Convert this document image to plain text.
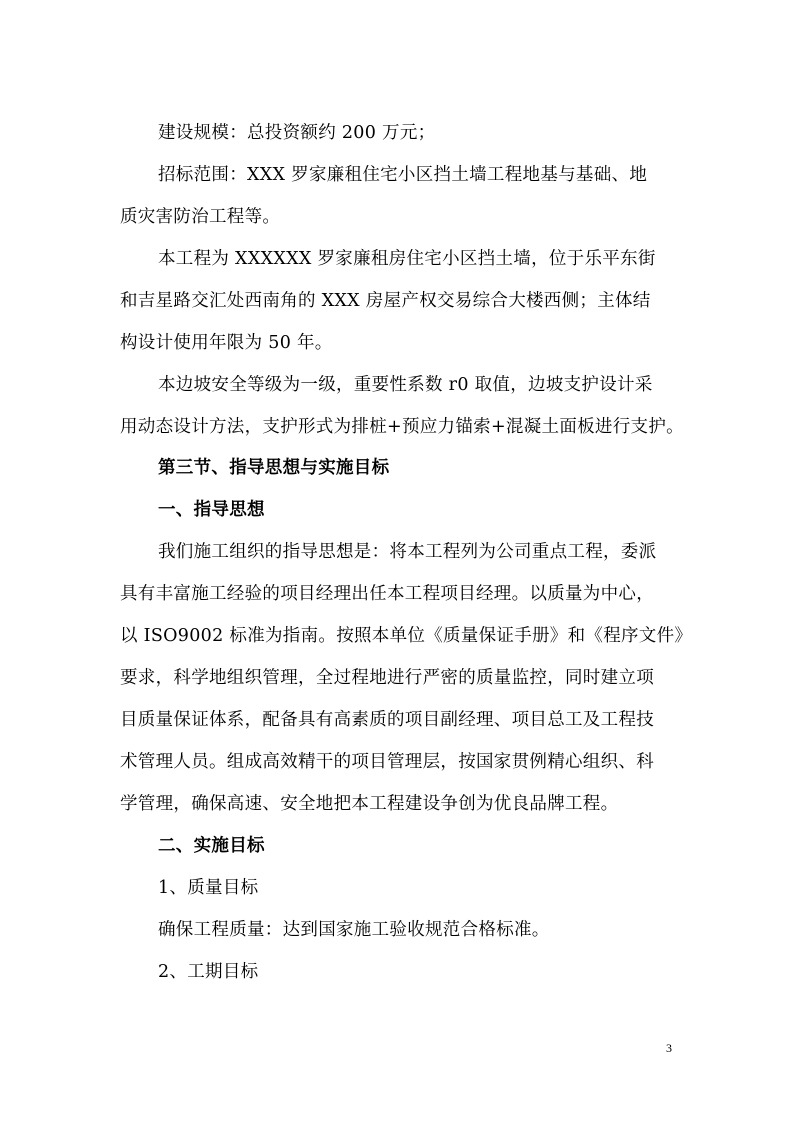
建设规模：总投资额约 200 万元；
招标范围：XXX 罗家廉租住宅小区挡土墙工程地基与基础、地
质灾害防治工程等。
本工程为 XXXXXX 罗家廉租房住宅小区挡土墙，位于乐平东街
和吉星路交汇处西南角的 XXX 房屋产权交易综合大楼西侧；主体结
构设计使用年限为 50 年。
本边坡安全等级为一级，重要性系数 r0 取值，边坡支护设计采
用动态设计方法，支护形式为排桩+预应力锚索+混凝土面板进行支护。
第三节、指导思想与实施目标
一、指导思想
我们施工组织的指导思想是：将本工程列为公司重点工程，委派
具有丰富施工经验的项目经理出任本工程项目经理。以质量为中心，
以 ISO9002 标准为指南。按照本单位《质量保证手册》和《程序文件》
要求，科学地组织管理，全过程地进行严密的质量监控，同时建立项
目质量保证体系，配备具有高素质的项目副经理、项目总工及工程技
术管理人员。组成高效精干的项目管理层，按国家贯例精心组织、科
学管理，确保高速、安全地把本工程建设争创为优良品牌工程。
二、实施目标
1、质量目标
确保工程质量：达到国家施工验收规范合格标准。
2、工期目标
3
